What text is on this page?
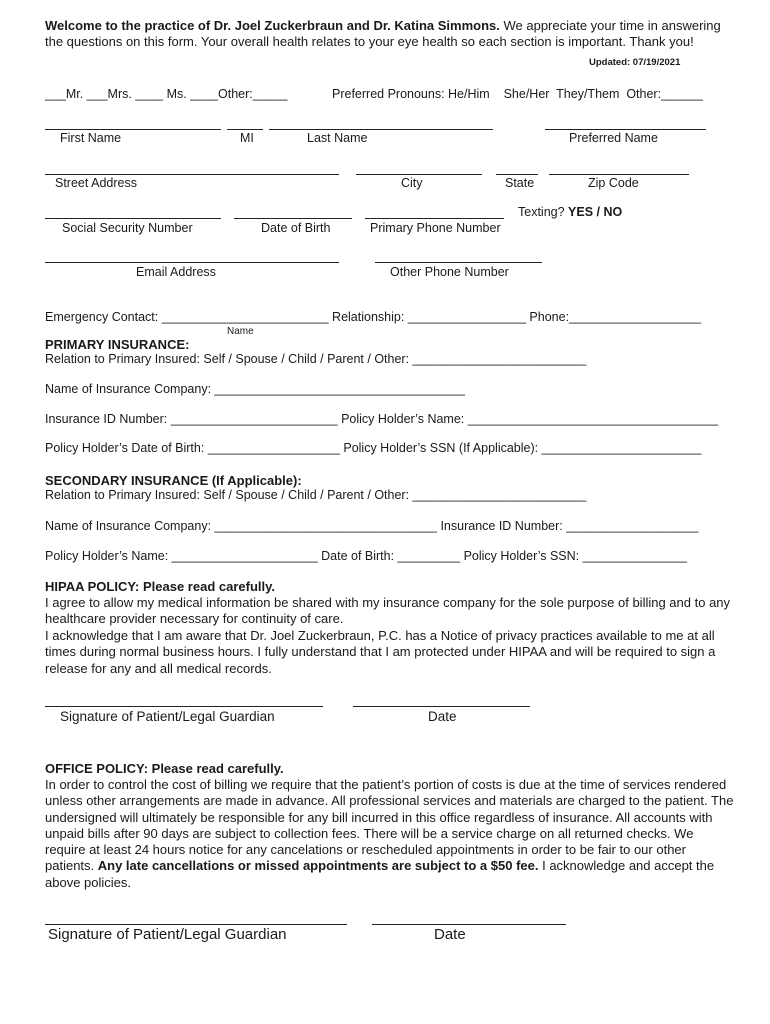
Welcome to the practice of Dr. Joel Zuckerbraun and Dr. Katina Simmons. We appreciate your time in answering the questions on this form. Your overall health relates to your eye health so each section is important. Thank you!
Updated: 07/19/2021
___Mr. ___Mrs. ____ Ms. ____Other:_____	Preferred Pronouns: He/Him    She/Her  They/Them  Other:______
First Name	MI	Last Name	Preferred Name
Street Address	City	State	Zip Code
Social Security Number	Date of Birth	Primary Phone Number
Texting? YES / NO
Email Address	Other Phone Number
Emergency Contact: ________________________ Relationship: _________________ Phone:___________________
Name
PRIMARY INSURANCE:
Relation to Primary Insured: Self / Spouse / Child / Parent / Other: _________________________
Name of Insurance Company: ____________________________________
Insurance ID Number: ________________________ Policy Holder’s Name: ____________________________________
Policy Holder’s Date of Birth: ___________________ Policy Holder’s SSN (If Applicable): _______________________
SECONDARY INSURANCE (If Applicable):
Relation to Primary Insured: Self / Spouse / Child / Parent / Other: _________________________
Name of Insurance Company: ________________________________ Insurance ID Number: ___________________
Policy Holder’s Name: _____________________ Date of Birth: _________ Policy Holder’s SSN: _______________
HIPAA POLICY: Please read carefully.
I agree to allow my medical information be shared with my insurance company for the sole purpose of billing and to any healthcare provider necessary for continuity of care.
I acknowledge that I am aware that Dr. Joel Zuckerbraun, P.C. has a Notice of privacy practices available to me at all times during normal business hours. I fully understand that I am protected under HIPAA and will be required to sign a release for any and all medical records.
Signature of Patient/Legal Guardian	Date
OFFICE POLICY: Please read carefully.
In order to control the cost of billing we require that the patient’s portion of costs is due at the time of services rendered unless other arrangements are made in advance. All professional services and materials are charged to the patient. The undersigned will ultimately be responsible for any bill incurred in this office regardless of insurance. All accounts with unpaid bills after 90 days are subject to collection fees. There will be a service charge on all returned checks. We require at least 24 hours notice for any cancelations or rescheduled appointments in order to be fair to our other patients. Any late cancellations or missed appointments are subject to a $50 fee. I acknowledge and accept the above policies.
Signature of Patient/Legal Guardian	Date
